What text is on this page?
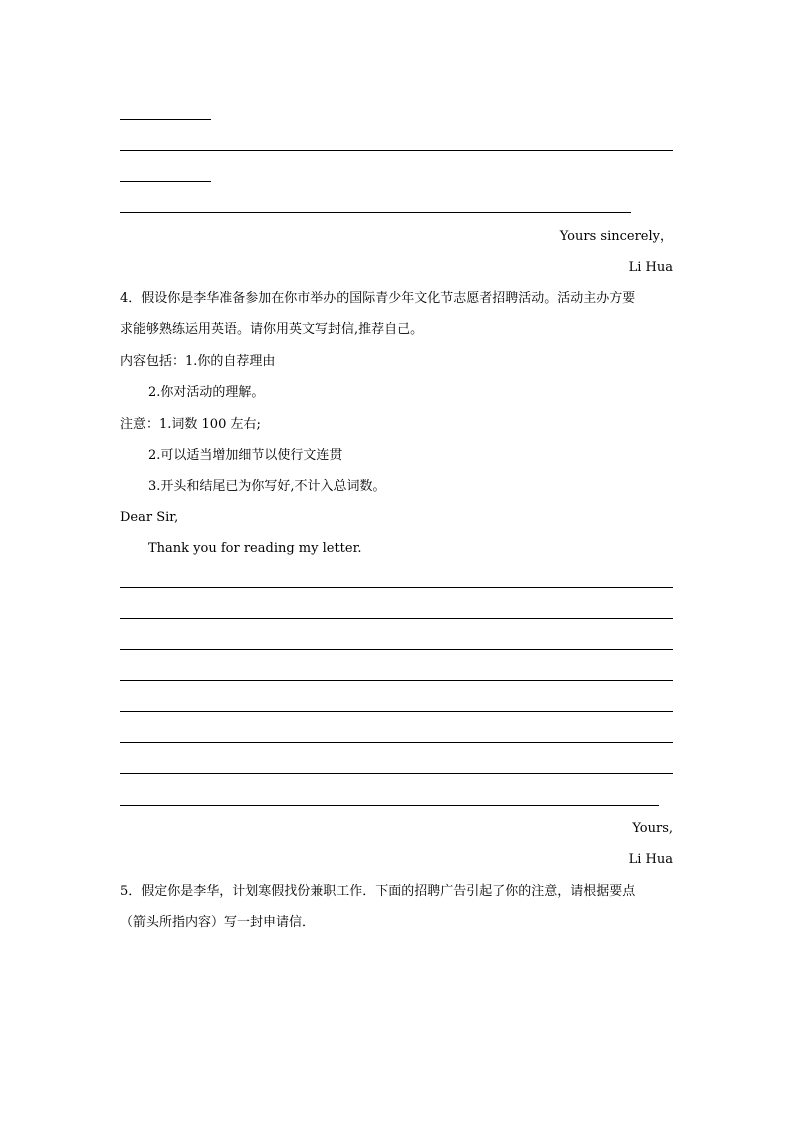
Yours sincerely，
Li Hua
4．假设你是李华准备参加在你市举办的国际青少年文化节志愿者招聘活动。活动主办方要
求能够熟练运用英语。请你用英文写封信,推荐自己。
内容包括：1.你的自荐理由
2.你对活动的理解。
注意：1.词数 100 左右;
2.可以适当增加细节以使行文连贯
3.开头和结尾已为你写好,不计入总词数。
Dear Sir,
Thank you for reading my letter.
Yours,
Li Hua
5．假定你是李华，计划寒假找份兼职工作．下面的招聘广告引起了你的注意，请根据要点
（箭头所指内容）写一封申请信．
